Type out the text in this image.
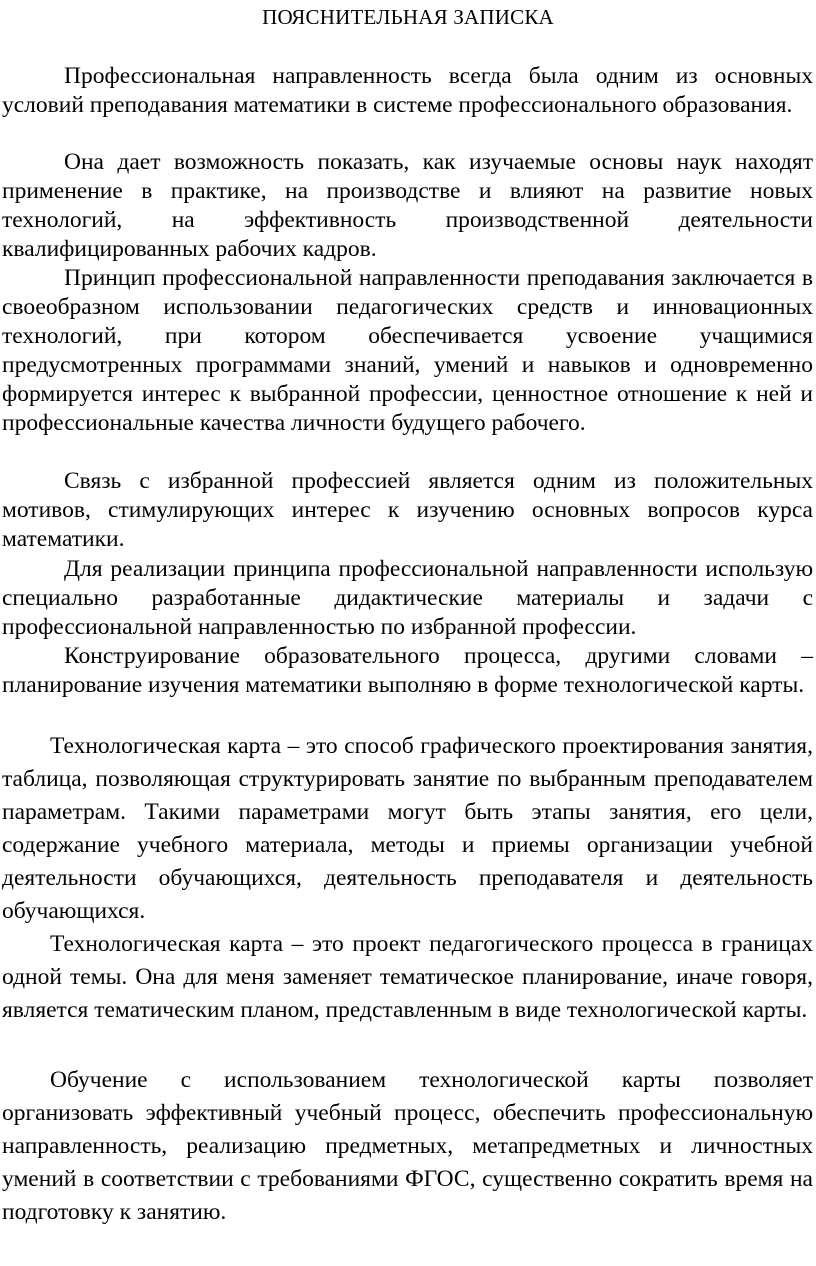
ПОЯСНИТЕЛЬНАЯ ЗАПИСКА

Профессиональная направленность всегда была одним из основных условий преподавания математики в системе профессионального образования.

Она дает возможность показать, как изучаемые основы наук находят применение в практике, на производстве и влияют на развитие новых технологий, на эффективность производственной деятельности квалифицированных рабочих кадров.

Принцип профессиональной направленности преподавания заключается в своеобразном использовании педагогических средств и инновационных технологий, при котором обеспечивается усвоение учащимися предусмотренных программами знаний, умений и навыков и одновременно формируется интерес к выбранной профессии, ценностное отношение к ней и профессиональные качества личности будущего рабочего.

Связь с избранной профессией является одним из положительных мотивов, стимулирующих интерес к изучению основных вопросов курса математики.

Для реализации принципа профессиональной направленности использую специально разработанные дидактические материалы и задачи с профессиональной направленностью по избранной профессии.

Конструирование образовательного процесса, другими словами – планирование изучения математики выполняю в форме технологической карты.

Технологическая карта – это способ графического проектирования занятия, таблица, позволяющая структурировать занятие по выбранным преподавателем параметрам. Такими параметрами могут быть этапы занятия, его цели, содержание учебного материала, методы и приемы организации учебной деятельности обучающихся, деятельность преподавателя и деятельность обучающихся.

Технологическая карта – это проект педагогического процесса в границах одной темы. Она для меня заменяет тематическое планирование, иначе говоря, является тематическим планом, представленным в виде технологической карты.

Обучение с использованием технологической карты позволяет организовать эффективный учебный процесс, обеспечить профессиональную направленность, реализацию предметных, метапредметных и личностных умений в соответствии с требованиями ФГОС, существенно сократить время на подготовку к занятию.
